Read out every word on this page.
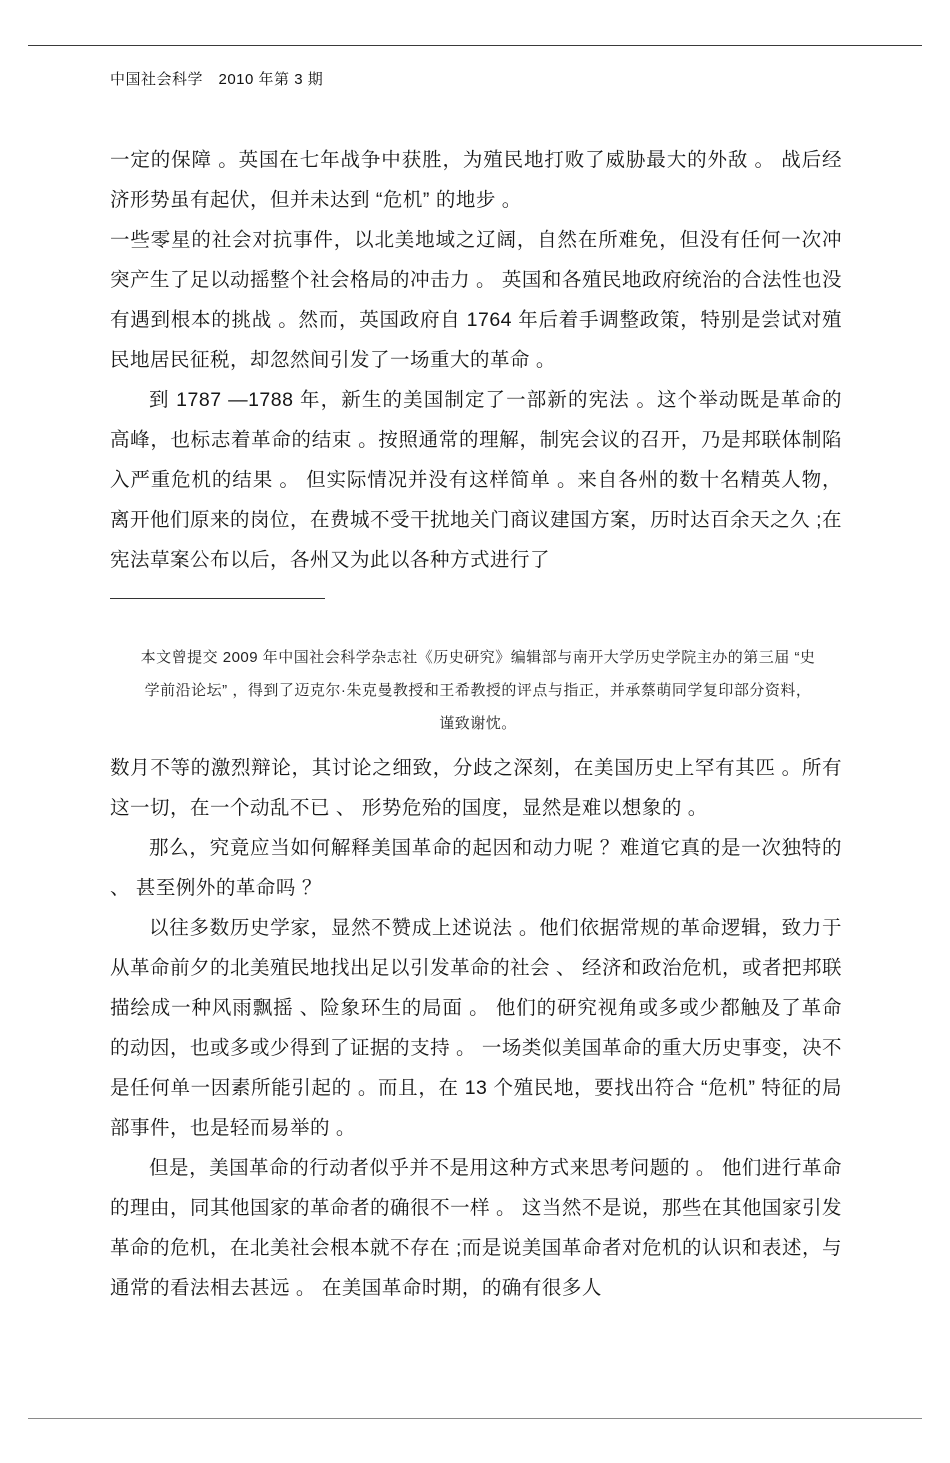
中国社会科学　2010 年第 3 期

一定的保障 。英国在七年战争中获胜，为殖民地打败了威胁最大的外敌 。 战后经济形势虽有起伏，但并未达到 “危机” 的地步 。

一些零星的社会对抗事件，以北美地域之辽阔，自然在所难免，但没有任何一次冲突产生了足以动摇整个社会格局的冲击力 。 英国和各殖民地政府统治的合法性也没有遇到根本的挑战 。然而，英国政府自 1764 年后着手调整政策，特别是尝试对殖民地居民征税，却忽然间引发了一场重大的革命 。

到 1787 —1788 年，新生的美国制定了一部新的宪法 。这个举动既是革命的高峰，也标志着革命的结束 。按照通常的理解，制宪会议的召开，乃是邦联体制陷入严重危机的结果 。 但实际情况并没有这样简单 。来自各州的数十名精英人物，离开他们原来的岗位，在费城不受干扰地关门商议建国方案，历时达百余天之久 ;在宪法草案公布以后，各州又为此以各种方式进行了

本文曾提交 2009 年中国社会科学杂志社《历史研究》编辑部与南开大学历史学院主办的第三届 “史学前沿论坛” ，得到了迈克尔·朱克曼教授和王希教授的评点与指正，并承蔡萌同学复印部分资料，谨致谢忱。

数月不等的激烈辩论，其讨论之细致，分歧之深刻，在美国历史上罕有其匹 。所有这一切，在一个动乱不已 、 形势危殆的国度，显然是难以想象的 。

那么，究竟应当如何解释美国革命的起因和动力呢 ？难道它真的是一次独特的 、 甚至例外的革命吗 ？

以往多数历史学家，显然不赞成上述说法 。他们依据常规的革命逻辑，致力于从革命前夕的北美殖民地找出足以引发革命的社会 、 经济和政治危机，或者把邦联描绘成一种风雨飘摇 、险象环生的局面 。 他们的研究视角或多或少都触及了革命的动因，也或多或少得到了证据的支持 。 一场类似美国革命的重大历史事变，决不是任何单一因素所能引起的 。而且，在 13 个殖民地，要找出符合 “危机” 特征的局部事件，也是轻而易举的 。

但是，美国革命的行动者似乎并不是用这种方式来思考问题的 。 他们进行革命的理由，同其他国家的革命者的确很不一样 。 这当然不是说，那些在其他国家引发革命的危机，在北美社会根本就不存在 ;而是说美国革命者对危机的认识和表述，与通常的看法相去甚远 。 在美国革命时期，的确有很多人
